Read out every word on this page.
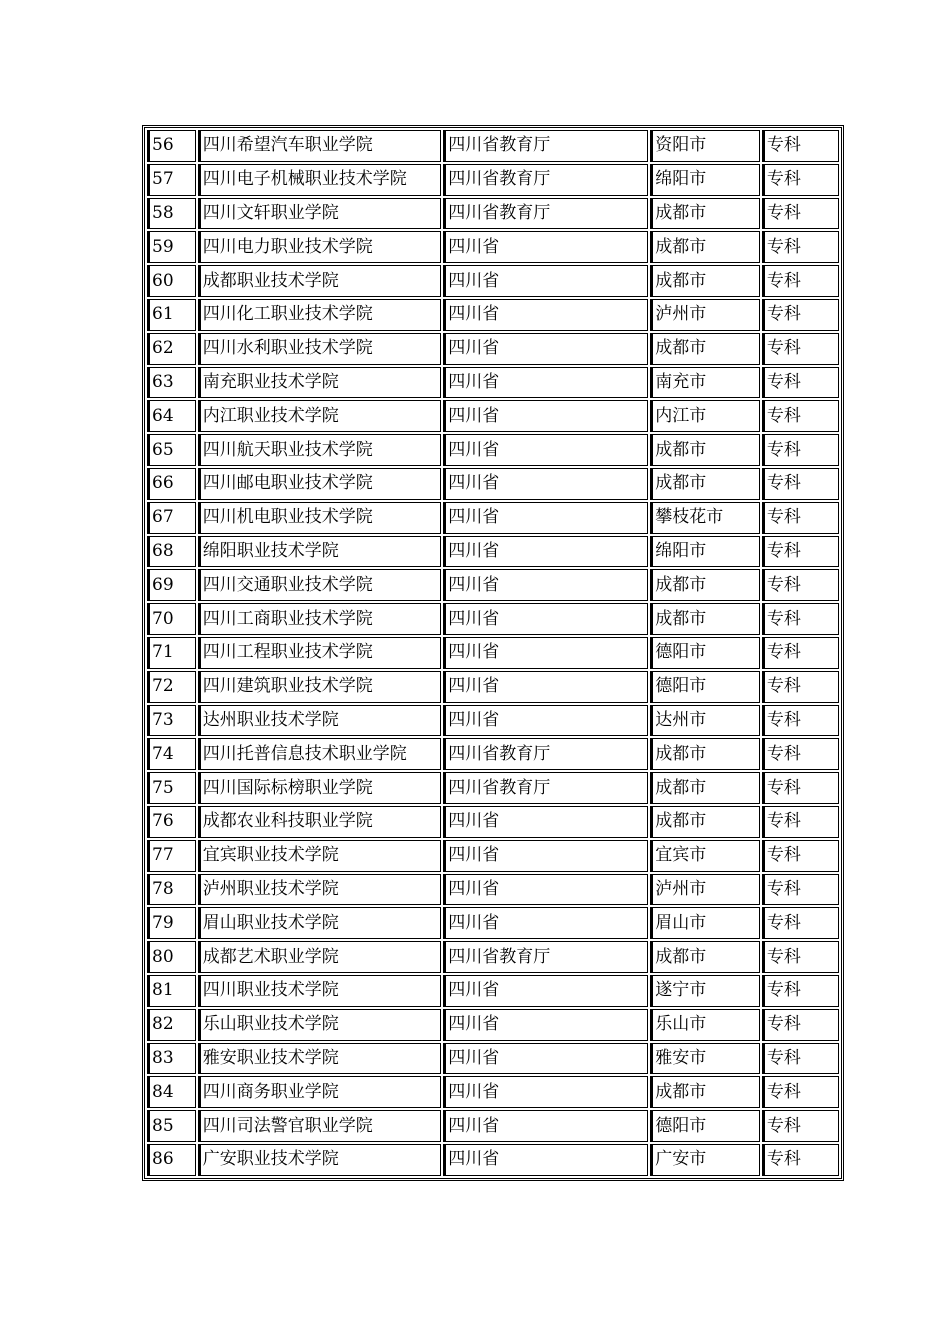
56	四川希望汽车职业学院	四川省教育厅	资阳市	专科
57	四川电子机械职业技术学院	四川省教育厅	绵阳市	专科
58	四川文轩职业学院	四川省教育厅	成都市	专科
59	四川电力职业技术学院	四川省	成都市	专科
60	成都职业技术学院	四川省	成都市	专科
61	四川化工职业技术学院	四川省	泸州市	专科
62	四川水利职业技术学院	四川省	成都市	专科
63	南充职业技术学院	四川省	南充市	专科
64	内江职业技术学院	四川省	内江市	专科
65	四川航天职业技术学院	四川省	成都市	专科
66	四川邮电职业技术学院	四川省	成都市	专科
67	四川机电职业技术学院	四川省	攀枝花市	专科
68	绵阳职业技术学院	四川省	绵阳市	专科
69	四川交通职业技术学院	四川省	成都市	专科
70	四川工商职业技术学院	四川省	成都市	专科
71	四川工程职业技术学院	四川省	德阳市	专科
72	四川建筑职业技术学院	四川省	德阳市	专科
73	达州职业技术学院	四川省	达州市	专科
74	四川托普信息技术职业学院	四川省教育厅	成都市	专科
75	四川国际标榜职业学院	四川省教育厅	成都市	专科
76	成都农业科技职业学院	四川省	成都市	专科
77	宜宾职业技术学院	四川省	宜宾市	专科
78	泸州职业技术学院	四川省	泸州市	专科
79	眉山职业技术学院	四川省	眉山市	专科
80	成都艺术职业学院	四川省教育厅	成都市	专科
81	四川职业技术学院	四川省	遂宁市	专科
82	乐山职业技术学院	四川省	乐山市	专科
83	雅安职业技术学院	四川省	雅安市	专科
84	四川商务职业学院	四川省	成都市	专科
85	四川司法警官职业学院	四川省	德阳市	专科
86	广安职业技术学院	四川省	广安市	专科
